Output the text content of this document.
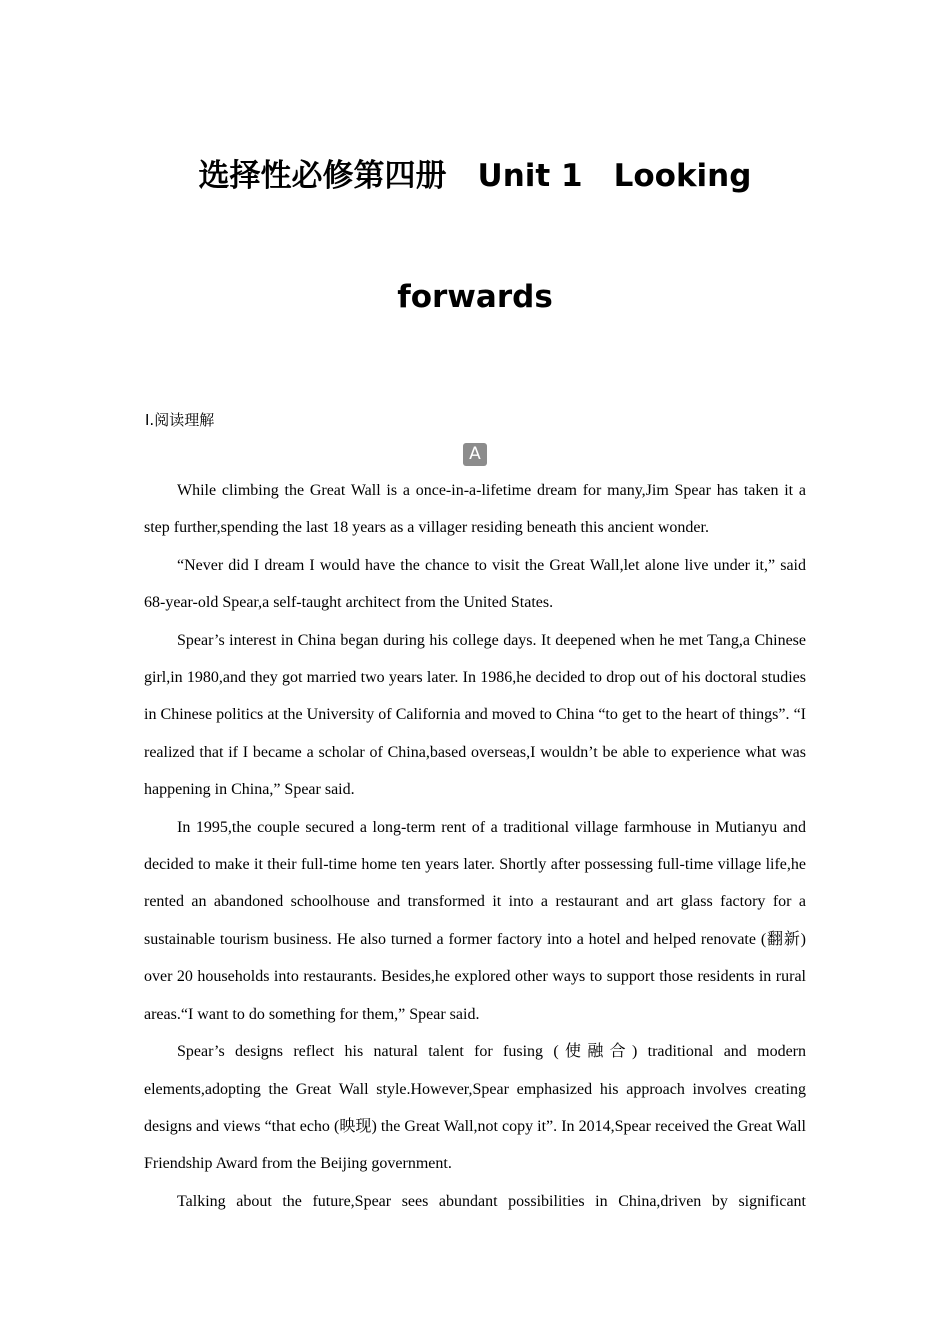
选择性必修第四册　Unit 1　Looking
forwards
Ⅰ.阅读理解
A

While climbing the Great Wall is a once-in-a-lifetime dream for many,Jim Spear has taken it a step further,spending the last 18 years as a villager residing beneath this ancient wonder.

“Never did I dream I would have the chance to visit the Great Wall,let alone live under it,” said 68-year-old Spear,a self-taught architect from the United States.

Spear’s interest in China began during his college days. It deepened when he met Tang,a Chinese girl,in 1980,and they got married two years later. In 1986,he decided to drop out of his doctoral studies in Chinese politics at the University of California and moved to China “to get to the heart of things”. “I realized that if I became a scholar of China,based overseas,I wouldn’t be able to experience what was happening in China,” Spear said.

In 1995,the couple secured a long-term rent of a traditional village farmhouse in Mutianyu and decided to make it their full-time home ten years later. Shortly after possessing full-time village life,he rented an abandoned schoolhouse and transformed it into a restaurant and art glass factory for a sustainable tourism business. He also turned a former factory into a hotel and helped renovate (翻新) over 20 households into restaurants. Besides,he explored other ways to support those residents in rural areas.“I want to do something for them,” Spear said.

Spear’s designs reflect his natural talent for fusing (使融合) traditional and modern elements,adopting the Great Wall style.However,Spear emphasized his approach involves creating designs and views “that echo (映现) the Great Wall,not copy it”. In 2014,Spear received the Great Wall Friendship Award from the Beijing government.

Talking about the future,Spear sees abundant possibilities in China,driven by significant
